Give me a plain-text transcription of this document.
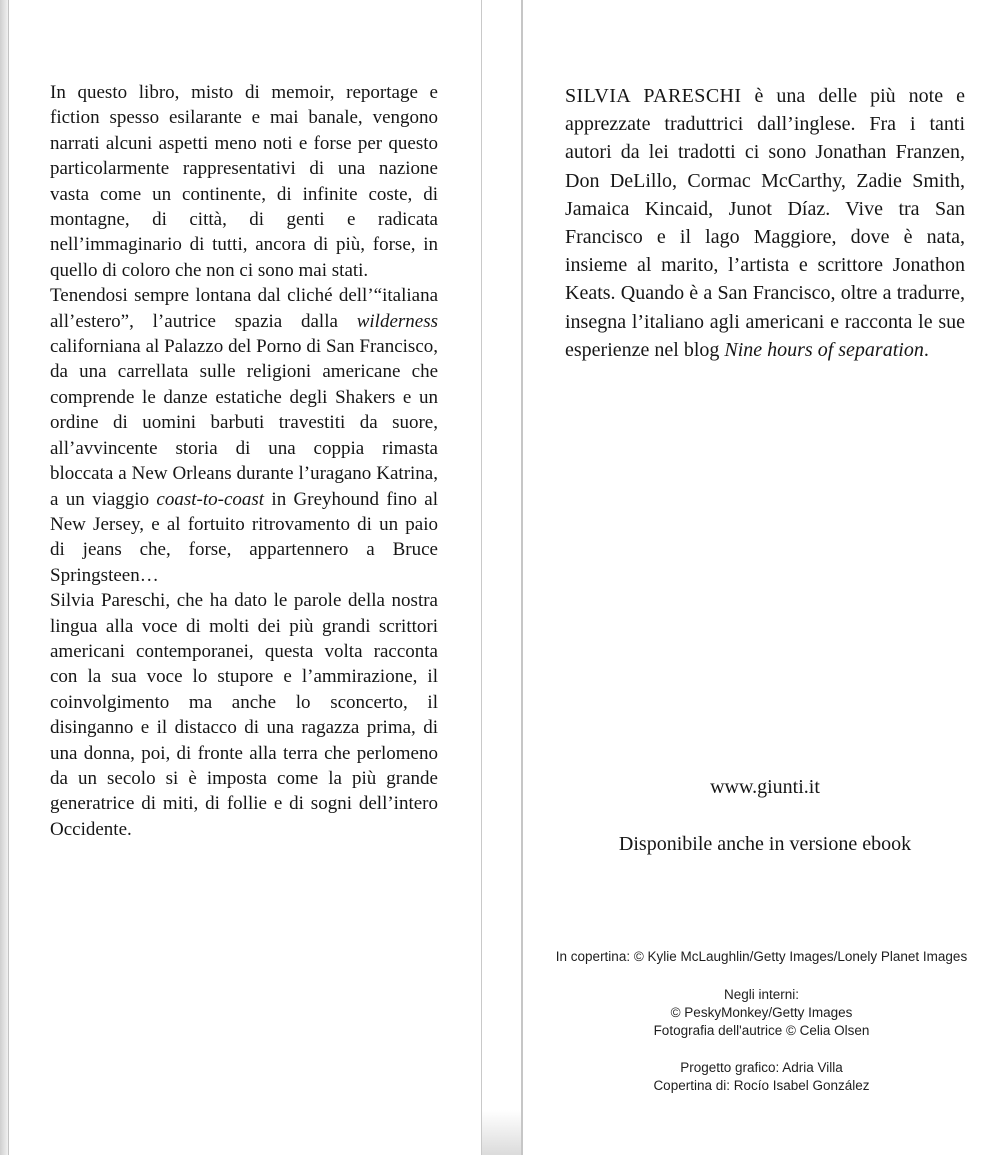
In questo libro, misto di memoir, reportage e fiction spesso esilarante e mai banale, vengono narrati alcuni aspetti meno noti e forse per questo particolarmente rappresentativi di una nazione vasta come un continente, di infinite coste, di montagne, di città, di genti e radicata nell’immaginario di tutti, ancora di più, forse, in quello di coloro che non ci sono mai stati.

Tenendosi sempre lontana dal cliché dell’“italiana all’estero”, l’autrice spazia dalla wilderness californiana al Palazzo del Porno di San Francisco, da una carrellata sulle religioni americane che comprende le danze estatiche degli Shakers e un ordine di uomini barbuti travestiti da suore, all’avvincente storia di una coppia rimasta bloccata a New Orleans durante l’uragano Katrina, a un viaggio coast-to-coast in Greyhound fino al New Jersey, e al fortuito ritrovamento di un paio di jeans che, forse, appartennero a Bruce Springsteen…

Silvia Pareschi, che ha dato le parole della nostra lingua alla voce di molti dei più grandi scrittori americani contemporanei, questa volta racconta con la sua voce lo stupore e l’ammirazione, il coinvolgimento ma anche lo sconcerto, il disinganno e il distacco di una ragazza prima, di una donna, poi, di fronte alla terra che perlomeno da un secolo si è imposta come la più grande generatrice di miti, di follie e di sogni dell’intero Occidente.

SILVIA PARESCHI è una delle più note e apprezzate traduttrici dall’inglese. Fra i tanti autori da lei tradotti ci sono Jonathan Franzen, Don DeLillo, Cormac McCarthy, Zadie Smith, Jamaica Kincaid, Junot Díaz. Vive tra San Francisco e il lago Maggiore, dove è nata, insieme al marito, l’artista e scrittore Jonathon Keats. Quando è a San Francisco, oltre a tradurre, insegna l’italiano agli americani e racconta le sue esperienze nel blog Nine hours of separation.

www.giunti.it
Disponibile anche in versione ebook
In copertina: © Kylie McLaughlin/Getty Images/Lonely Planet Images
Negli interni:
© PeskyMonkey/Getty Images
Fotografia dell'autrice © Celia Olsen
Progetto grafico: Adria Villa
Copertina di: Rocío Isabel González
